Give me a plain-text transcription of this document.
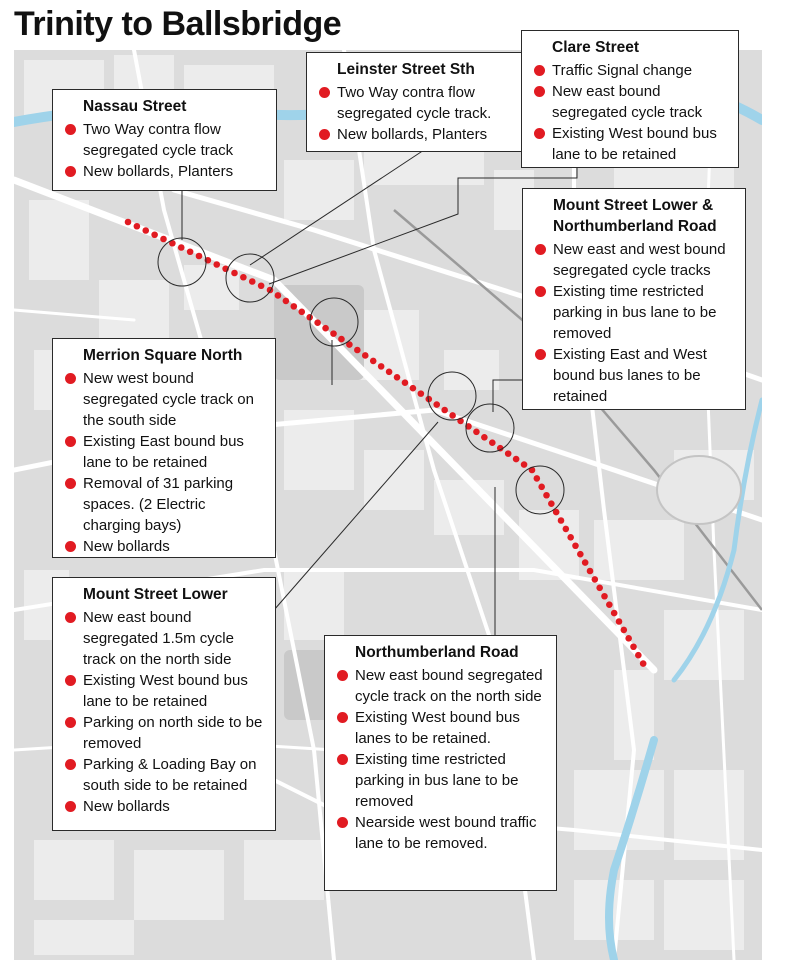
Trinity to Ballsbridge
Nassau Street
Two Way contra flow segregated cycle track
New bollards, Planters
Leinster Street Sth
Two Way contra flow segregated cycle track.
New bollards, Planters
Clare Street
Traffic Signal change
New east bound segregated cycle track
Existing West bound bus lane to be retained
Mount Street Lower & Northumberland Road
New east and west bound segregated cycle tracks
Existing time restricted parking in bus lane to be removed
Existing East and West bound bus lanes to be retained
Merrion Square North
New west bound segregated cycle track on the south side
Existing East bound bus lane to be retained
Removal of 31 parking spaces. (2 Electric charging bays)
New bollards
Mount Street Lower
New east bound segregated 1.5m cycle track on the north side
Existing West bound bus lane to be retained
Parking on north side to be removed
Parking & Loading Bay on south side to be retained
New bollards
Northumberland Road
New east bound segregated cycle track on the north side
Existing West bound bus lanes to be retained.
Existing time restricted parking in bus lane to be removed
Nearside west bound traffic lane to be removed.
